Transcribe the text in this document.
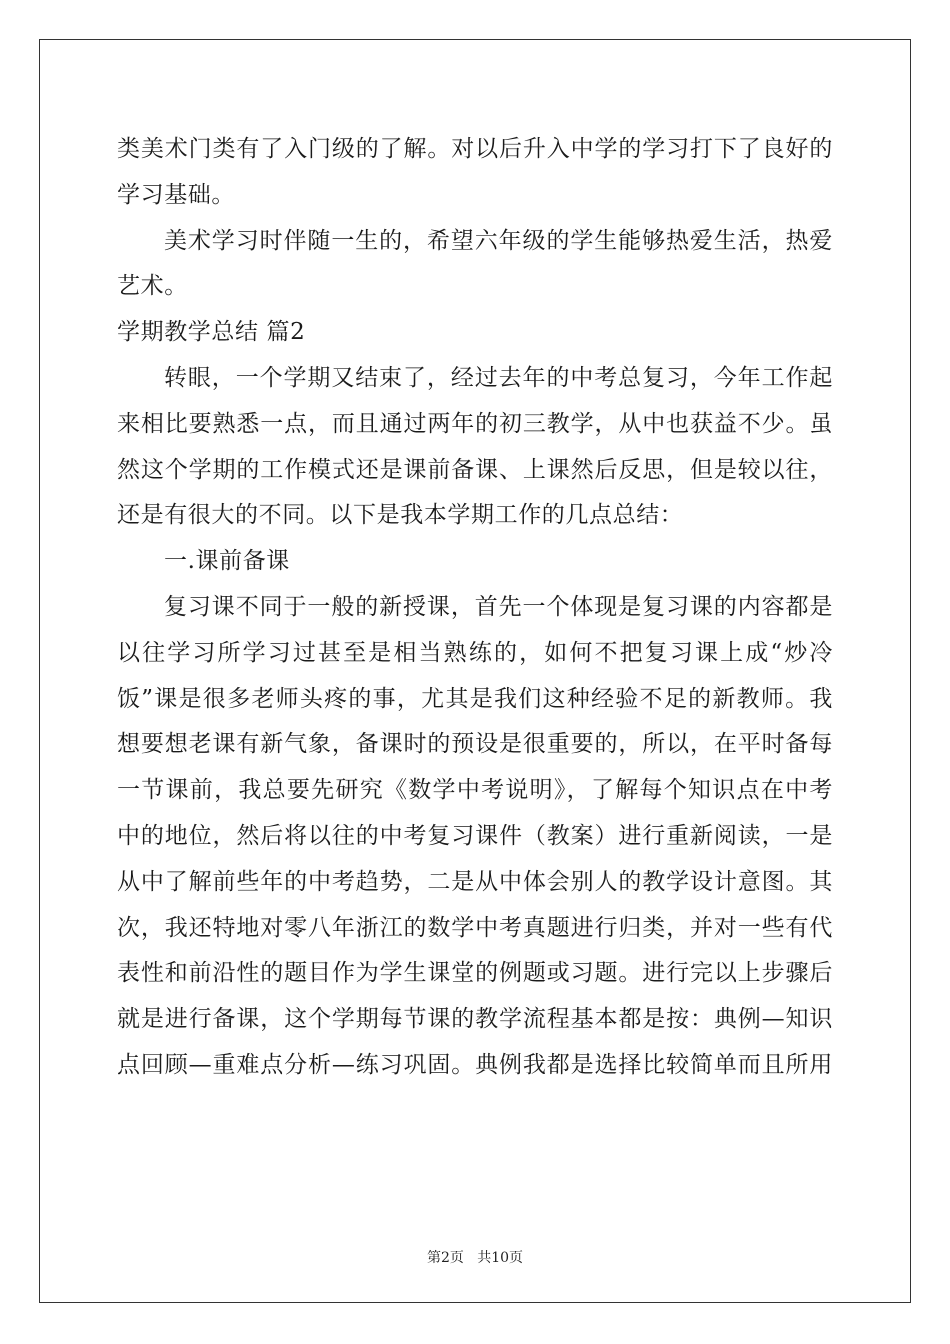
类美术门类有了入门级的了解。对以后升入中学的学习打下了良好的
学习基础。
美术学习时伴随一生的，希望六年级的学生能够热爱生活，热爱
艺术。
学期教学总结 篇2
转眼，一个学期又结束了，经过去年的中考总复习，今年工作起
来相比要熟悉一点，而且通过两年的初三教学，从中也获益不少。虽
然这个学期的工作模式还是课前备课、上课然后反思，但是较以往，
还是有很大的不同。以下是我本学期工作的几点总结：
一.课前备课
复习课不同于一般的新授课，首先一个体现是复习课的内容都是
以往学习所学习过甚至是相当熟练的，如何不把复习课上成“炒冷
饭”课是很多老师头疼的事，尤其是我们这种经验不足的新教师。我
想要想老课有新气象，备课时的预设是很重要的，所以，在平时备每
一节课前，我总要先研究《数学中考说明》，了解每个知识点在中考
中的地位，然后将以往的中考复习课件（教案）进行重新阅读，一是
从中了解前些年的中考趋势，二是从中体会别人的教学设计意图。其
次，我还特地对零八年浙江的数学中考真题进行归类，并对一些有代
表性和前沿性的题目作为学生课堂的例题或习题。进行完以上步骤后
就是进行备课，这个学期每节课的教学流程基本都是按：典例—知识
点回顾—重难点分析—练习巩固。典例我都是选择比较简单而且所用
第2页   共10页
